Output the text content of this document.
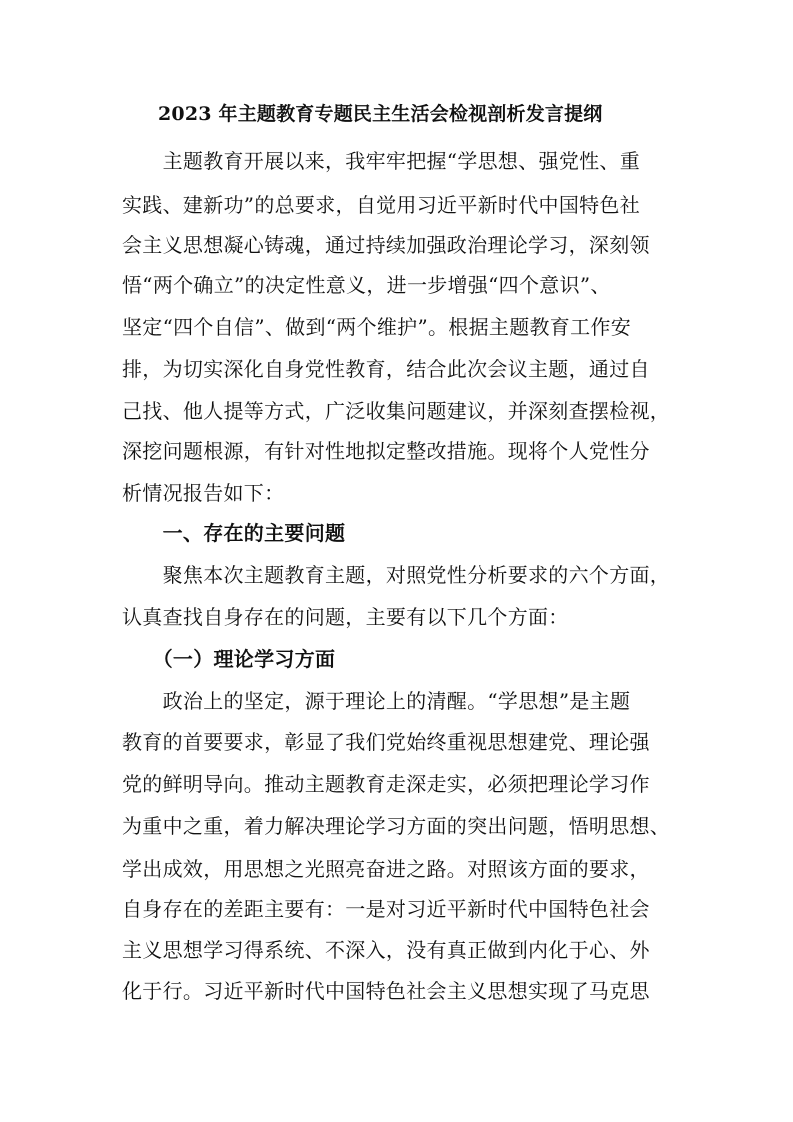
2023 年主题教育专题民主生活会检视剖析发言提纲
　　主题教育开展以来，我牢牢把握“学思想、强党性、重
实践、建新功”的总要求，自觉用习近平新时代中国特色社
会主义思想凝心铸魂，通过持续加强政治理论学习，深刻领
悟“两个确立”的决定性意义，进一步增强“四个意识”、
坚定“四个自信”、做到“两个维护”。根据主题教育工作安
排，为切实深化自身党性教育，结合此次会议主题，通过自
己找、他人提等方式，广泛收集问题建议，并深刻查摆检视，
深挖问题根源，有针对性地拟定整改措施。现将个人党性分
析情况报告如下：
　　一、存在的主要问题
　　聚焦本次主题教育主题，对照党性分析要求的六个方面，
认真查找自身存在的问题，主要有以下几个方面：
　　（一）理论学习方面
　　政治上的坚定，源于理论上的清醒。“学思想”是主题
教育的首要要求，彰显了我们党始终重视思想建党、理论强
党的鲜明导向。推动主题教育走深走实，必须把理论学习作
为重中之重，着力解决理论学习方面的突出问题，悟明思想、
学出成效，用思想之光照亮奋进之路。对照该方面的要求，
自身存在的差距主要有：一是对习近平新时代中国特色社会
主义思想学习得系统、不深入，没有真正做到内化于心、外
化于行。习近平新时代中国特色社会主义思想实现了马克思
